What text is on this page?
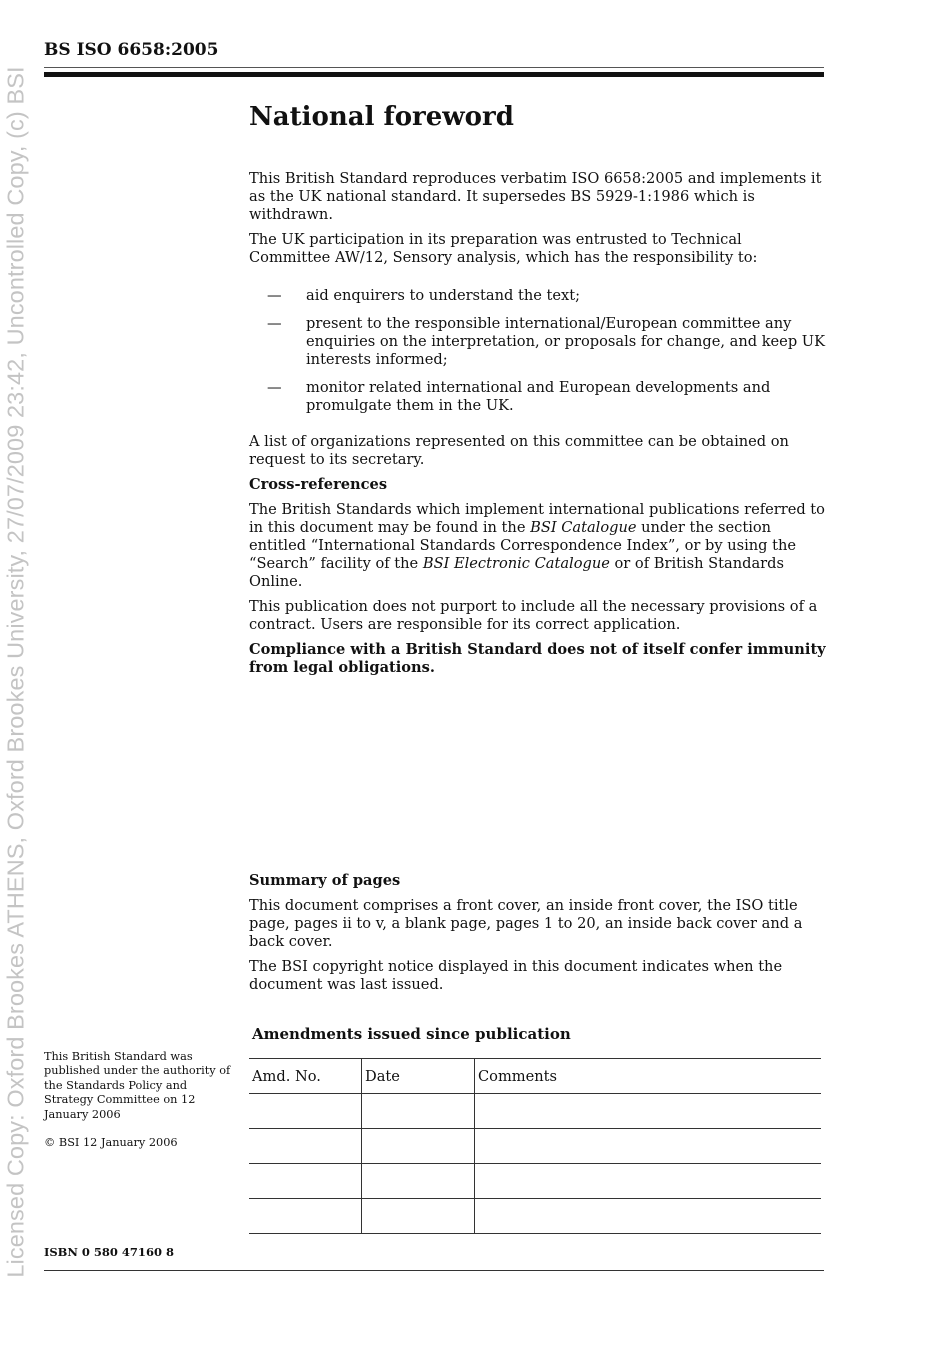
Licensed Copy: Oxford Brookes ATHENS, Oxford Brookes University, 27/07/2009 23:42, Uncontrolled Copy, (c) BSI
BS ISO 6658:2005
National foreword

This British Standard reproduces verbatim ISO 6658:2005 and implements it as the UK national standard. It supersedes BS 5929-1:1986 which is withdrawn.

The UK participation in its preparation was entrusted to Technical Committee AW/12, Sensory analysis, which has the responsibility to:

— aid enquirers to understand the text;
— present to the responsible international/European committee any enquiries on the interpretation, or proposals for change, and keep UK interests informed;
— monitor related international and European developments and promulgate them in the UK.

A list of organizations represented on this committee can be obtained on request to its secretary.

Cross-references

The British Standards which implement international publications referred to in this document may be found in the BSI Catalogue under the section entitled “International Standards Correspondence Index”, or by using the “Search” facility of the BSI Electronic Catalogue or of British Standards Online.

This publication does not purport to include all the necessary provisions of a contract. Users are responsible for its correct application.

Compliance with a British Standard does not of itself confer immunity from legal obligations.

Summary of pages

This document comprises a front cover, an inside front cover, the ISO title page, pages ii to v, a blank page, pages 1 to 20, an inside back cover and a back cover.

The BSI copyright notice displayed in this document indicates when the document was last issued.

Amendments issued since publication
Amd. No.	Date	Comments

This British Standard was published under the authority of the Standards Policy and Strategy Committee on 12 January 2006

© BSI 12 January 2006

ISBN 0 580 47160 8
